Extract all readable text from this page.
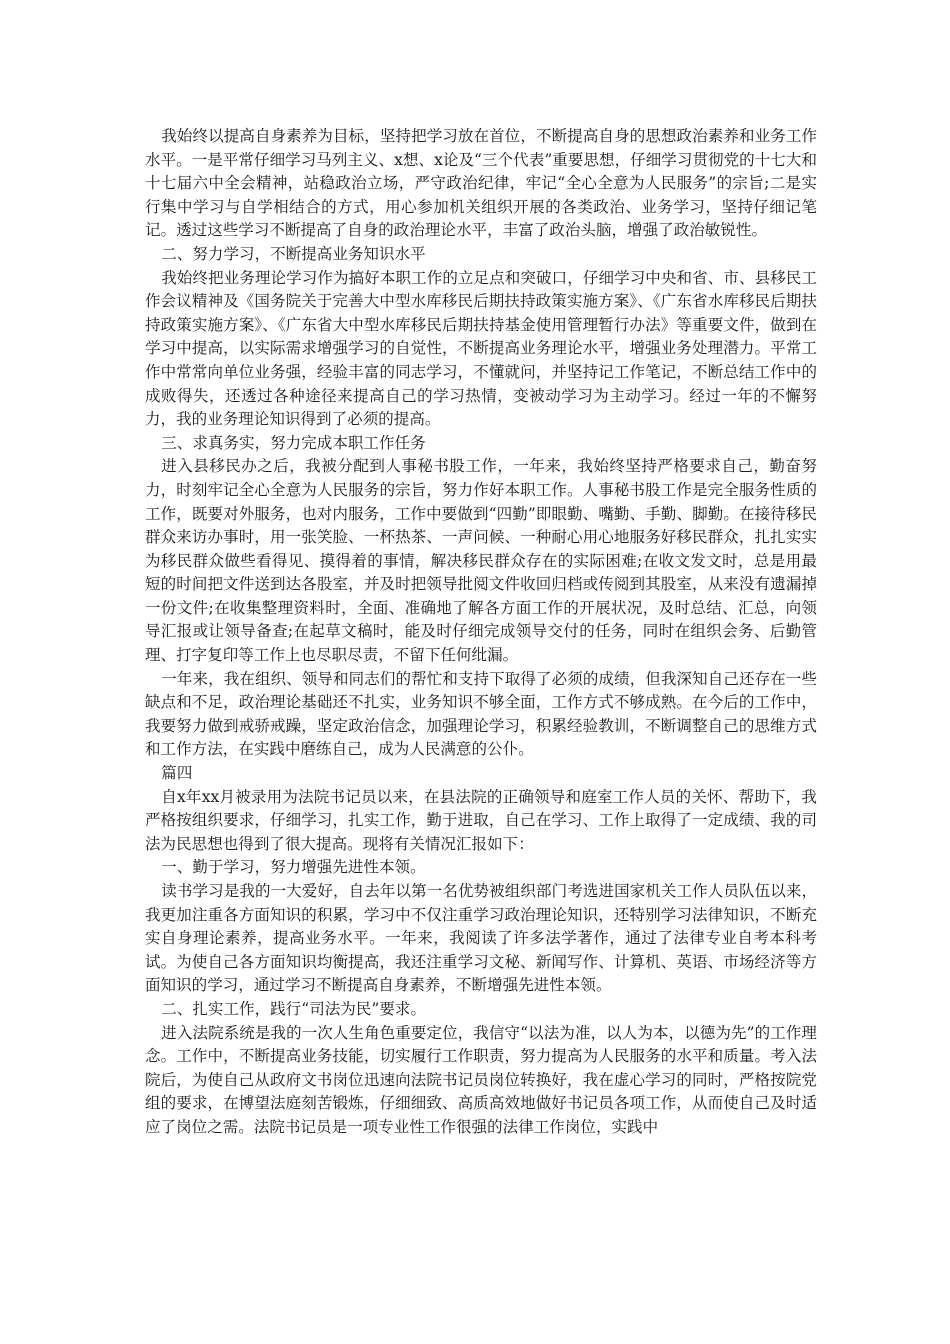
我始终以提高自身素养为目标，坚持把学习放在首位，不断提高自身的思想政治素养和业务工作水平。一是平常仔细学习马列主义、x想、x论及“三个代表”重要思想，仔细学习贯彻党的十七大和十七届六中全会精神，站稳政治立场，严守政治纪律，牢记“全心全意为人民服务”的宗旨;二是实行集中学习与自学相结合的方式，用心参加机关组织开展的各类政治、业务学习，坚持仔细记笔记。透过这些学习不断提高了自身的政治理论水平，丰富了政治头脑，增强了政治敏锐性。

二、努力学习，不断提高业务知识水平

我始终把业务理论学习作为搞好本职工作的立足点和突破口，仔细学习中央和省、市、县移民工作会议精神及《国务院关于完善大中型水库移民后期扶持政策实施方案》、《广东省水库移民后期扶持政策实施方案》、《广东省大中型水库移民后期扶持基金使用管理暂行办法》等重要文件，做到在学习中提高，以实际需求增强学习的自觉性，不断提高业务理论水平，增强业务处理潜力。平常工作中常常向单位业务强，经验丰富的同志学习，不懂就问，并坚持记工作笔记，不断总结工作中的成败得失，还透过各种途径来提高自己的学习热情，变被动学习为主动学习。经过一年的不懈努力，我的业务理论知识得到了必须的提高。

三、求真务实，努力完成本职工作任务

进入县移民办之后，我被分配到人事秘书股工作，一年来，我始终坚持严格要求自己，勤奋努力，时刻牢记全心全意为人民服务的宗旨，努力作好本职工作。人事秘书股工作是完全服务性质的工作，既要对外服务，也对内服务，工作中要做到“四勤”即眼勤、嘴勤、手勤、脚勤。在接待移民群众来访办事时，用一张笑脸、一杯热茶、一声问候、一种耐心用心地服务好移民群众，扎扎实实为移民群众做些看得见、摸得着的事情，解决移民群众存在的实际困难;在收文发文时，总是用最短的时间把文件送到达各股室，并及时把领导批阅文件收回归档或传阅到其股室，从来没有遗漏掉一份文件;在收集整理资料时，全面、准确地了解各方面工作的开展状况，及时总结、汇总，向领导汇报或让领导备查;在起草文稿时，能及时仔细完成领导交付的任务，同时在组织会务、后勤管理、打字复印等工作上也尽职尽责，不留下任何纰漏。

一年来，我在组织、领导和同志们的帮忙和支持下取得了必须的成绩，但我深知自己还存在一些缺点和不足，政治理论基础还不扎实，业务知识不够全面，工作方式不够成熟。在今后的工作中，我要努力做到戒骄戒躁，坚定政治信念，加强理论学习，积累经验教训，不断调整自己的思维方式和工作方法，在实践中磨练自己，成为人民满意的公仆。

篇四

自x年xx月被录用为法院书记员以来，在县法院的正确领导和庭室工作人员的关怀、帮助下，我严格按组织要求，仔细学习，扎实工作，勤于进取，自己在学习、工作上取得了一定成绩、我的司法为民思想也得到了很大提高。现将有关情况汇报如下：

一、勤于学习，努力增强先进性本领。

读书学习是我的一大爱好，自去年以第一名优势被组织部门考选进国家机关工作人员队伍以来，我更加注重各方面知识的积累，学习中不仅注重学习政治理论知识，还特别学习法律知识，不断充实自身理论素养，提高业务水平。一年来，我阅读了许多法学著作，通过了法律专业自考本科考试。为使自己各方面知识均衡提高，我还注重学习文秘、新闻写作、计算机、英语、市场经济等方面知识的学习，通过学习不断提高自身素养，不断增强先进性本领。

二、扎实工作，践行“司法为民”要求。

进入法院系统是我的一次人生角色重要定位，我信守“以法为准，以人为本，以德为先”的工作理念。工作中，不断提高业务技能，切实履行工作职责，努力提高为人民服务的水平和质量。考入法院后，为使自己从政府文书岗位迅速向法院书记员岗位转换好，我在虚心学习的同时，严格按院党组的要求，在博望法庭刻苦锻炼，仔细细致、高质高效地做好书记员各项工作，从而使自己及时适应了岗位之需。法院书记员是一项专业性工作很强的法律工作岗位，实践中
